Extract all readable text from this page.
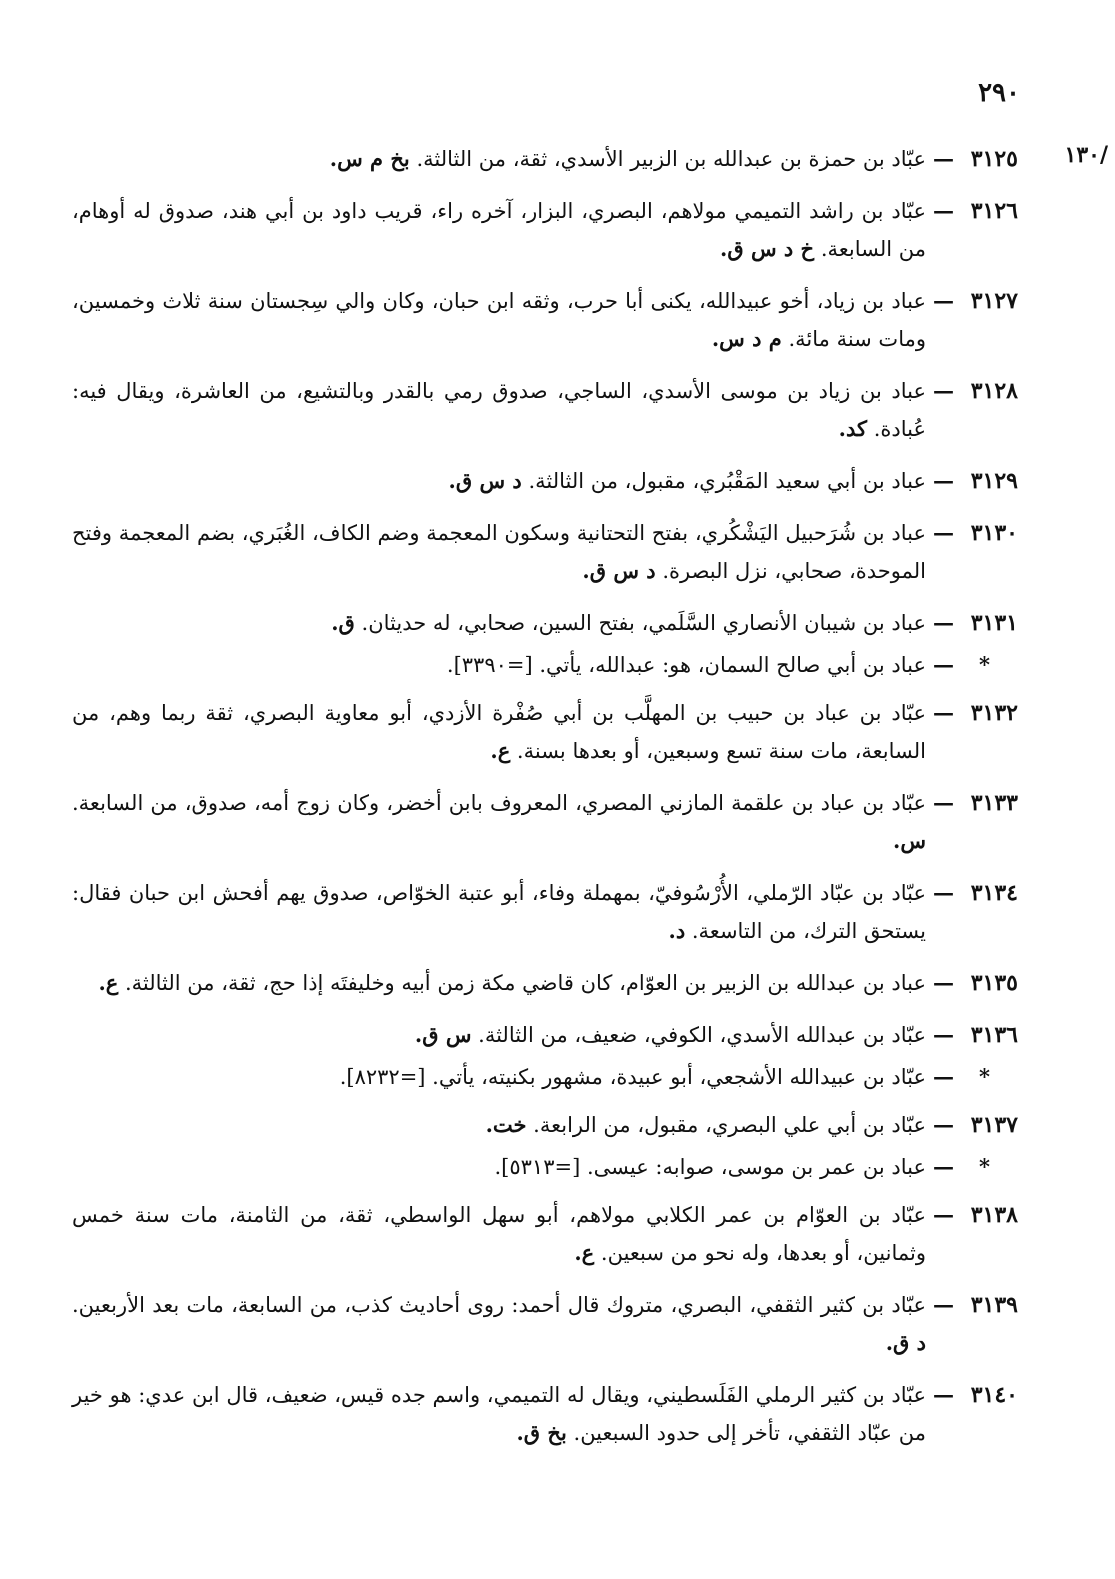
٢٩٠
/١٣٠
٣١٢٥
—
عبّاد بن حمزة بن عبدالله بن الزبير الأسدي، ثقة، من الثالثة. بخ م س.
٣١٢٦
—
عبّاد بن راشد التميمي مولاهم، البصري، البزار، آخره راء، قريب داود بن أبي هند، صدوق له أوهام، من السابعة. خ د س ق.
٣١٢٧
—
عباد بن زياد، أخو عبيدالله، يكنى أبا حرب، وثقه ابن حبان، وكان والي سِجستان سنة ثلاث وخمسين، ومات سنة مائة. م د س.
٣١٢٨
—
عباد بن زياد بن موسى الأسدي، الساجي، صدوق رمي بالقدر وبالتشيع، من العاشرة، ويقال فيه: عُبادة. كد.
٣١٢٩
—
عباد بن أبي سعيد المَقْبُري، مقبول، من الثالثة. د س ق.
٣١٣٠
—
عباد بن شُرَحبيل اليَشْكُري، بفتح التحتانية وسكون المعجمة وضم الكاف، الغُبَري، بضم المعجمة وفتح الموحدة، صحابي، نزل البصرة. د س ق.
٣١٣١
—
عباد بن شيبان الأنصاري السَّلَمي، بفتح السين، صحابي، له حديثان. ق.
*
—
عباد بن أبي صالح السمان، هو: عبدالله، يأتي. [=٣٣٩٠].
٣١٣٢
—
عبّاد بن عباد بن حبيب بن المهلَّب بن أبي صُفْرة الأزدي، أبو معاوية البصري، ثقة ربما وهم، من السابعة، مات سنة تسع وسبعين، أو بعدها بسنة. ع.
٣١٣٣
—
عبّاد بن عباد بن علقمة المازني المصري، المعروف بابن أخضر، وكان زوج أمه، صدوق، من السابعة. س.
٣١٣٤
—
عبّاد بن عبّاد الرّملي، الأُرْسُوفيّ، بمهملة وفاء، أبو عتبة الخوّاص، صدوق يهم أفحش ابن حبان فقال: يستحق الترك، من التاسعة. د.
٣١٣٥
—
عباد بن عبدالله بن الزبير بن العوّام، كان قاضي مكة زمن أبيه وخليفتَه إذا حج، ثقة، من الثالثة. ع.
٣١٣٦
—
عبّاد بن عبدالله الأسدي، الكوفي، ضعيف، من الثالثة. س ق.
*
—
عبّاد بن عبيدالله الأشجعي، أبو عبيدة، مشهور بكنيته، يأتي. [=٨٢٣٢].
٣١٣٧
—
عبّاد بن أبي علي البصري، مقبول، من الرابعة. خت.
*
—
عباد بن عمر بن موسى، صوابه: عيسى. [=٥٣١٣].
٣١٣٨
—
عبّاد بن العوّام بن عمر الكلابي مولاهم، أبو سهل الواسطي، ثقة، من الثامنة، مات سنة خمس وثمانين، أو بعدها، وله نحو من سبعين. ع.
٣١٣٩
—
عبّاد بن كثير الثقفي، البصري، متروك قال أحمد: روى أحاديث كذب، من السابعة، مات بعد الأربعين. د ق.
٣١٤٠
—
عبّاد بن كثير الرملي الفَلَسطيني، ويقال له التميمي، واسم جده قيس، ضعيف، قال ابن عدي: هو خير من عبّاد الثقفي، تأخر إلى حدود السبعين. بخ ق.
